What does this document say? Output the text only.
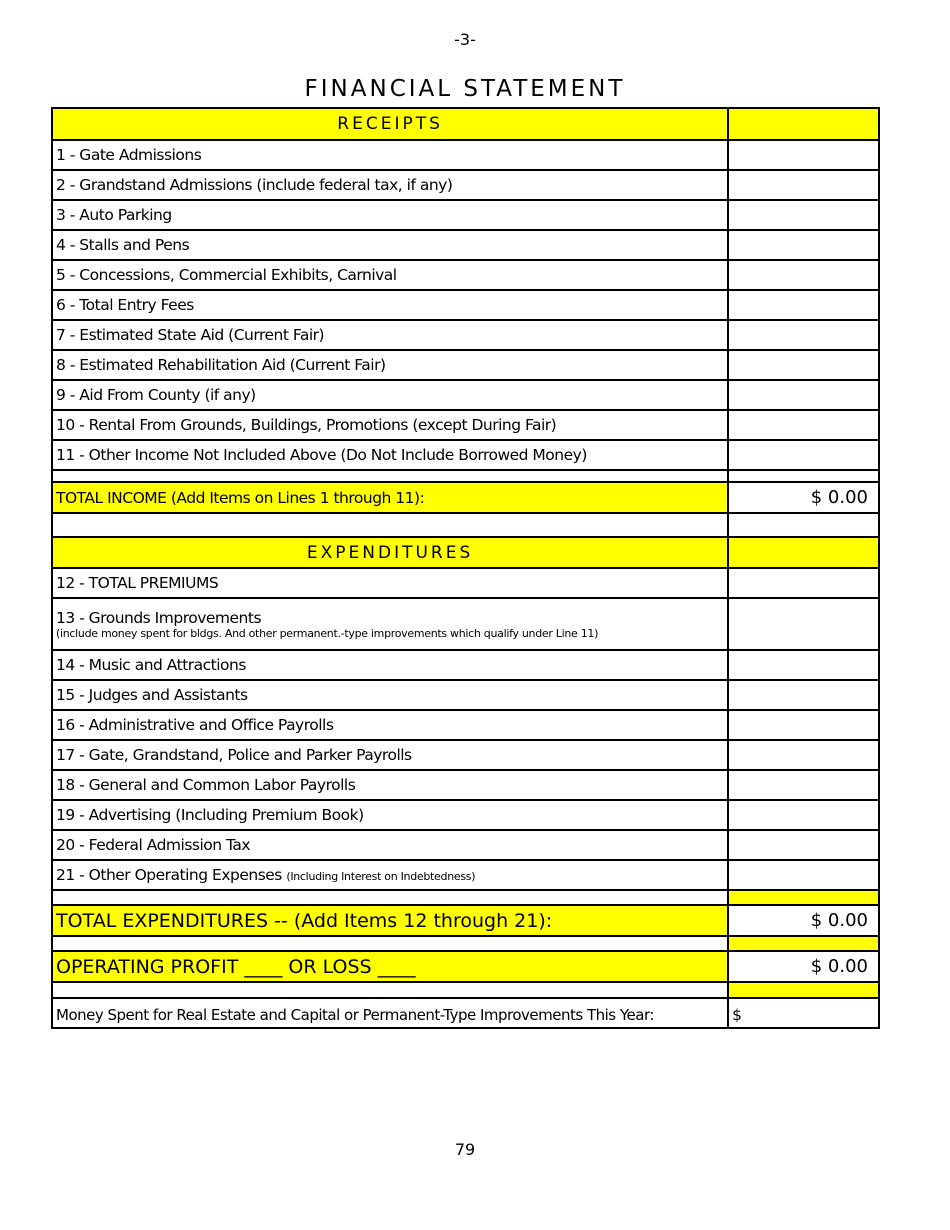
-3-
FINANCIAL STATEMENT
RECEIPTS	
1 - Gate Admissions	
2 - Grandstand Admissions (include federal tax, if any)	
3 - Auto Parking	
4 - Stalls and Pens	
5 - Concessions, Commercial Exhibits, Carnival	
6 - Total Entry Fees	
7 - Estimated State Aid (Current Fair)	
8 - Estimated Rehabilitation Aid (Current Fair)	
9 - Aid From County (if any)	
10 - Rental From Grounds, Buildings, Promotions (except During Fair)	
11 - Other Income Not Included Above (Do Not Include Borrowed Money)	

TOTAL INCOME (Add Items on Lines 1 through 11):	$ 0.00

EXPENDITURES	
12 - TOTAL PREMIUMS	

13 - Grounds Improvements
(include money spent for bldgs. And other permanent.-type improvements which qualify under Line 11)	

14 - Music and Attractions	
15 - Judges and Assistants	
16 - Administrative and Office Payrolls	
17 - Gate, Grandstand, Police and Parker Payrolls	
18 - General and Common Labor Payrolls	
19 - Advertising (Including Premium Book)	
20 - Federal Admission Tax	
21 - Other Operating Expenses (Including Interest on Indebtedness)	

TOTAL EXPENDITURES -- (Add Items 12 through 21):	$ 0.00

OPERATING PROFIT ____ OR LOSS ____	$ 0.00

Money Spent for Real Estate and Capital or Permanent-Type Improvements This Year:	$
79
